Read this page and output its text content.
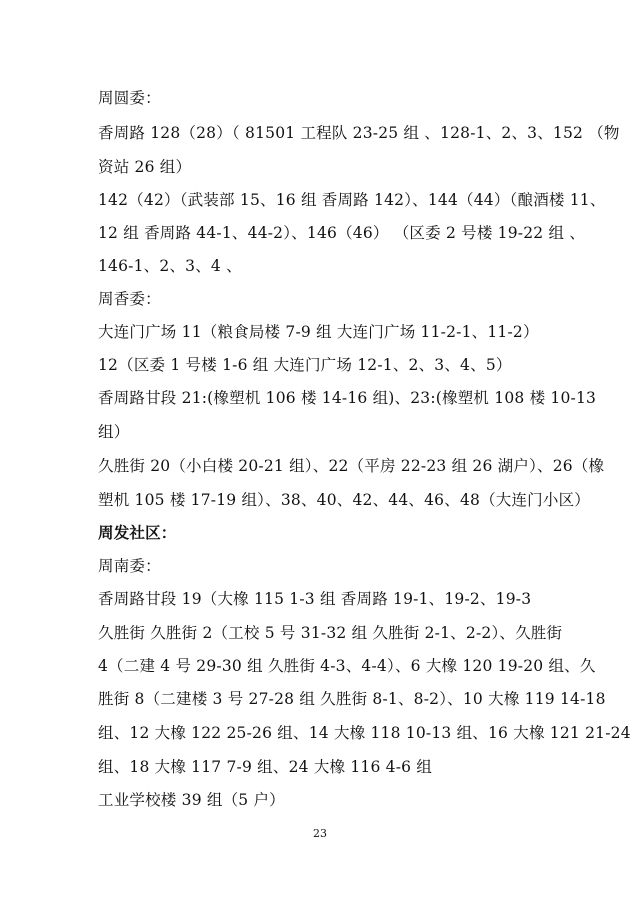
周圆委：
香周路 128（28）（ 81501 工程队 23-25 组 、128-1、2、3、152 （物
资站 26 组）
142（42）（武装部 15、16 组 香周路 142）、144（44）（酿酒楼 11、
12 组 香周路 44-1、44-2）、146（46） （区委 2 号楼 19-22 组 、
146-1、2、3、4 、
周香委：
大连门广场 11（粮食局楼 7-9 组 大连门广场 11-2-1、11-2）
12（区委 1 号楼 1-6 组 大连门广场 12-1、2、3、4、5）
香周路甘段 21:(橡塑机 106 楼 14-16 组)、23:(橡塑机 108 楼 10-13
组）
久胜街 20（小白楼 20-21 组）、22（平房 22-23 组 26 湖户）、26（橡
塑机 105 楼 17-19 组）、38、40、42、44、46、48（大连门小区）
周发社区：
周南委：
香周路甘段 19（大橡 115 1-3 组 香周路 19-1、19-2、19-3
久胜街 久胜街 2（工校 5 号 31-32 组 久胜街 2-1、2-2）、久胜街
4（二建 4 号 29-30 组 久胜街 4-3、4-4）、6 大橡 120 19-20 组、久
胜街 8（二建楼 3 号 27-28 组 久胜街 8-1、8-2）、10 大橡 119 14-18
组、12 大橡 122 25-26 组、14 大橡 118 10-13 组、16 大橡 121 21-24
组、18 大橡 117 7-9 组、24 大橡 116 4-6 组
工业学校楼 39 组（5 户）
23
